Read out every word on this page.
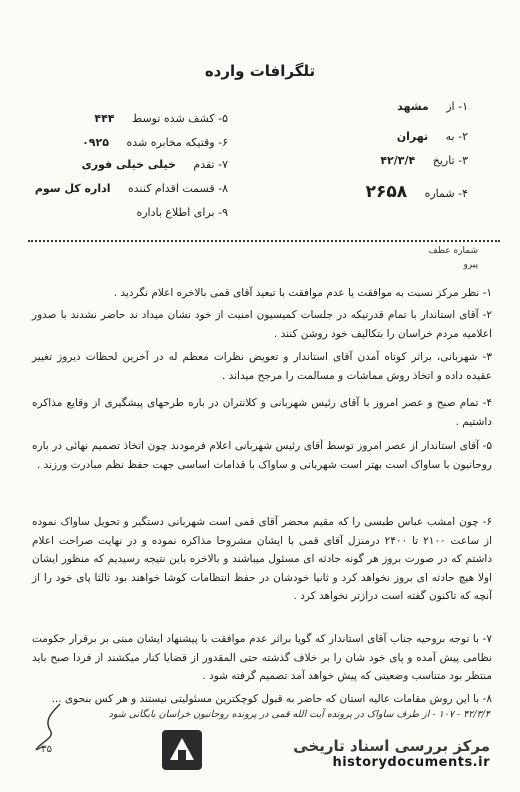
تلگرافات وارده
۱- از مشهد
۲- به تهران
۳- تاریخ ۴۲/۳/۴
۴- شماره ۲۶۵۸
۵- کشف شده توسط ۴۴۴
۶- وقتیکه مخابره شده ۰۹۲۵
۷- تقدم خیلی خیلی فوری
۸- قسمت اقدام کننده اداره کل سوم
۹- برای اطلاع باداره
شماره عطف
پیرو
۱- نظر مرکز نسبت به موافقت یا عدم موافقت با تبعید آقای قمی بالاخره اعلام نگردید .
۲- آقای استاندار با تمام قدرتیکه در جلسات کمیسیون امنیت از خود نشان میداد ند حاضر نشدند با صدور اعلامیه مردم خراسان را بتکالیف خود روشن کنند .
۳- شهربانی، براثر کوتاه آمدن آقای استاندار و تعویض نظرات معظم له در آخرین لحظات دیروز تغییر عقیده داده و اتخاذ روش مماشات و مسالمت را مرجح میداند .
۴- تمام صبح و عصر امروز با آقای رئیس شهربانی و کلانتران در باره طرحهای پیشگیری از وقایع مذاکره داشتیم .
۵- آقای استاندار از عصر امروز توسط آقای رئیس شهربانی اعلام فرمودند چون اتخاذ تصمیم نهائی در باره روحانیون با ساواک است بهتر است شهربانی و ساواک با قدامات اساسی جهت حفظ نظم مبادرت ورزند .
۶- چون امشب عباس طبسی را که مقیم محضر آقای قمی است شهربانی دستگیر و تحویل ساواک نموده از ساعت ۲۱۰۰ تا ۲۴۰۰ درمنزل آقای قمی با ایشان مشروحا مذاکره نموده و در نهایت صراحت اعلام داشتم که در صورت بروز هر گونه حادثه ای مسئول میباشند و بالاخره باین نتیجه رسیدیم که منظور ایشان اولا هیچ حادثه ای بروز نخواهد کرد و ثانیا خودشان در حفظ انتظامات کوشا خواهند بود ثالثا پای خود را از آنچه که تاکنون گفته است درازتر نخواهد کرد .
۷- با توجه بروحیه جناب آقای استاندار که گویا براثر عدم موافقت با پیشنهاد ایشان مبنی بر برقرار حکومت نظامی پیش آمده و پای خود شان را بر خلاف گذشته حتی المقدور از قضایا کنار میکشند از فردا صبح باید منتظر بود متناسب وضعیتی که پیش خواهد آمد تصمیم گرفته شود .
۸- با این روش مقامات عالیه استان که حاضر به قبول کوچکترین مسئولیتی نیستند و هر کس بنحوی ...
۴۲/۳/۴ - ۱۰۷ - از طرف ساواک در پرونده آیت الله قمی در پرونده روحانیون خراسان بایگانی شود
۳۵	مرکز بررسی اسناد تاریخی
historydocuments.ir
